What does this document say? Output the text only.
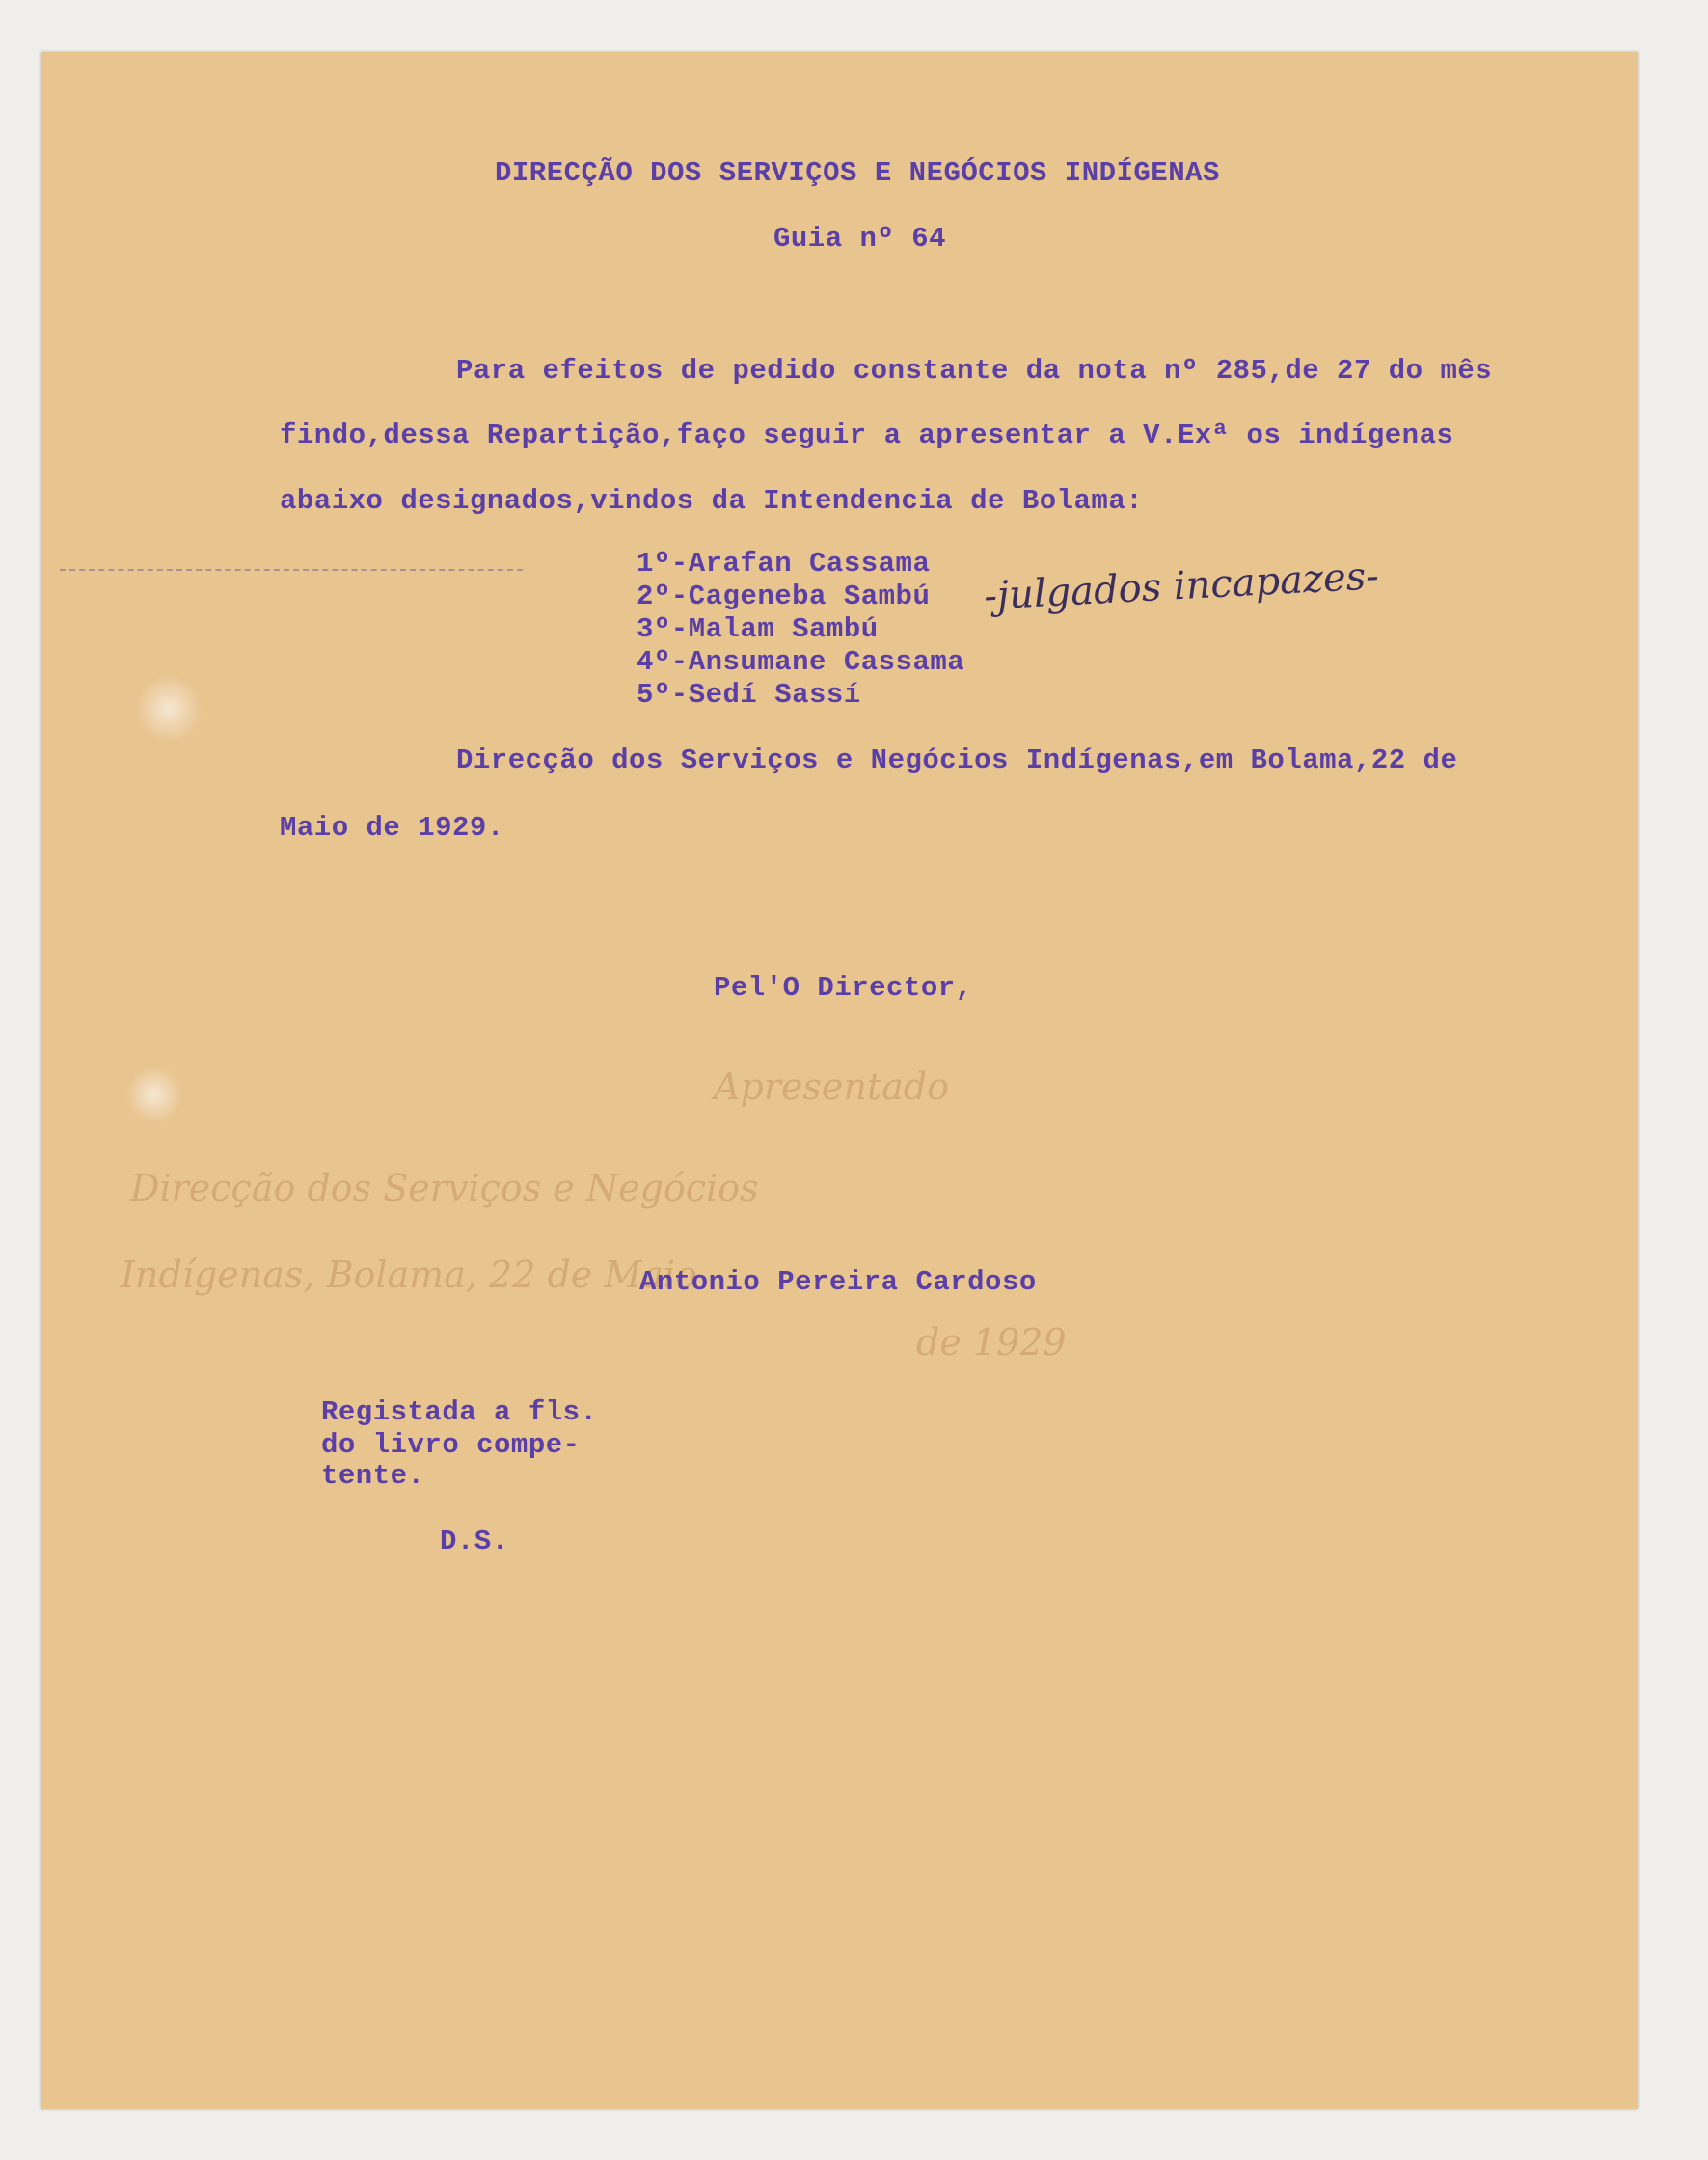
Apresentado
Direcção dos Serviços e Negócios
Indígenas, Bolama, 22 de Maio
de 1929
DIRECÇÃO DOS SERVIÇOS E NEGÓCIOS INDÍGENAS
Guia nº 64
Para efeitos de pedido constante da nota nº 285,de 27 do mês
findo,dessa Repartição,faço seguir a apresentar a V.Exª os indígenas
abaixo designados,vindos da Intendencia de Bolama:
1º-Arafan Cassama
2º-Cageneba Sambú
3º-Malam Sambú
4º-Ansumane Cassama
5º-Sedí Sassí
-julgados incapazes-
Direcção dos Serviços e Negócios Indígenas,em Bolama,22 de
Maio de 1929.
Pel'O Director,
Antonio Pereira Cardoso
Registada a fls.
do livro compe-
tente.
D.S.
